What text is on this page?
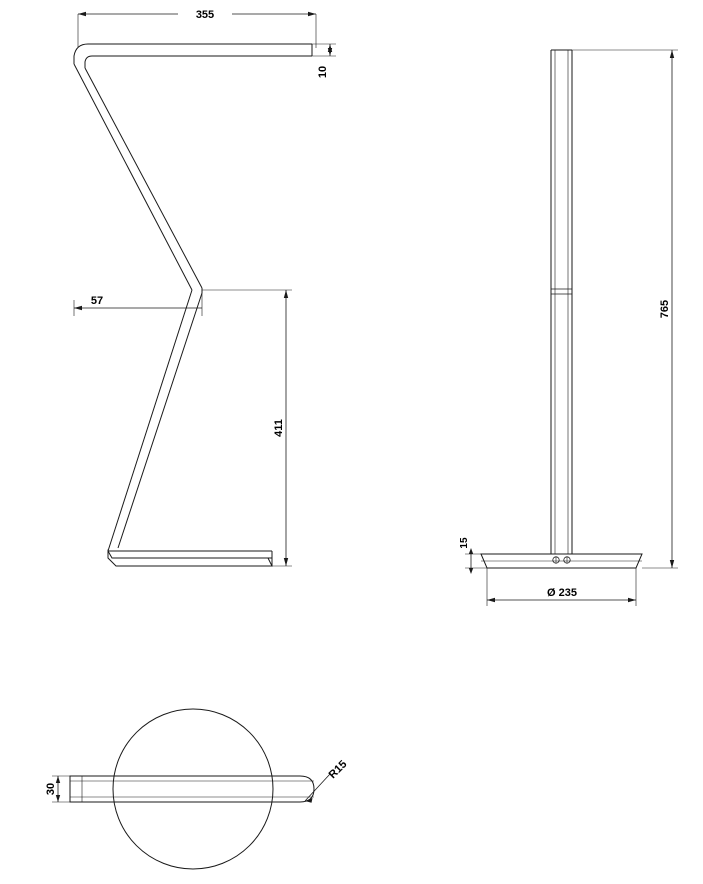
355
10
57
411
765
15
Ø 235
30
R15
